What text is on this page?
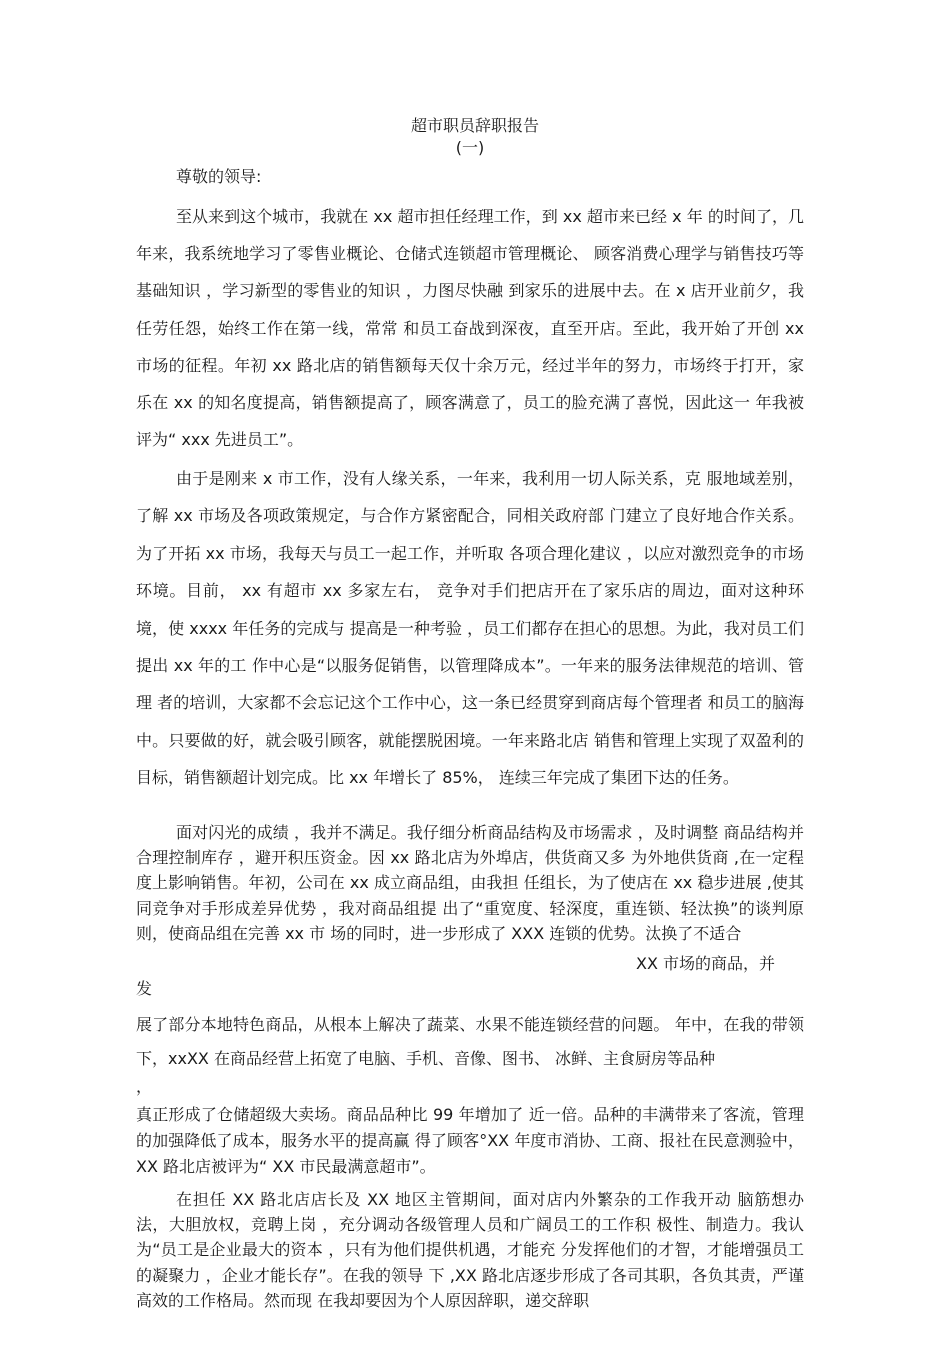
超市职员辞职报告
(一)
尊敬的领导:

至从来到这个城市，我就在 xx 超市担任经理工作，到 xx 超市来已经 x 年 的时间了，几年来，我系统地学习了零售业概论、仓储式连锁超市管理概论、 顾客消费心理学与销售技巧等基础知识 ，学习新型的零售业的知识 ，力图尽快融 到家乐的进展中去。在 x 店开业前夕，我任劳任怨，始终工作在第一线，常常 和员工奋战到深夜，直至开店。至此，我开始了开创 xx 市场的征程。年初 xx 路北店的销售额每天仅十余万元，经过半年的努力，市场终于打开，家乐在 xx 的知名度提高，销售额提高了，顾客满意了，员工的脸充满了喜悦，因此这一 年我被评为“ xxx 先进员工”。

由于是刚来 x 市工作，没有人缘关系，一年来，我利用一切人际关系，克 服地域差别，了解 xx 市场及各项政策规定，与合作方紧密配合，同相关政府部 门建立了良好地合作关系。为了开拓 xx 市场，我每天与员工一起工作，并听取 各项合理化建议 ，以应对激烈竞争的市场环境。目前， xx 有超市 xx 多家左右， 竞争对手们把店开在了家乐店的周边，面对这种环境，使 xxxx 年任务的完成与 提高是一种考验 ，员工们都存在担心的思想。为此，我对员工们提出 xx 年的工 作中心是“以服务促销售，以管理降成本”。一年来的服务法律规范的培训、管理 者的培训，大家都不会忘记这个工作中心，这一条已经贯穿到商店每个管理者 和员工的脑海中。只要做的好，就会吸引顾客，就能摆脱困境。一年来路北店 销售和管理上实现了双盈利的目标，销售额超计划完成。比 xx 年增长了 85%， 连续三年完成了集团下达的任务。

面对闪光的成绩 ，我并不满足。我仔细分析商品结构及市场需求 ，及时调整 商品结构并合理控制库存 ，避开积压资金。因 xx 路北店为外埠店，供货商又多 为外地供货商 ,在一定程度上影响销售。年初，公司在 xx 成立商品组，由我担 任组长，为了使店在 xx 稳步进展 ,使其同竞争对手形成差异优势 ，我对商品组提 出了“重宽度、轻深度，重连锁、轻汰换”的谈判原则，使商品组在完善 xx 市 场的同时，进一步形成了 XXX 连锁的优势。汰换了不适合

XX 市场的商品，并
发

展了部分本地特色商品，从根本上解决了蔬菜、水果不能连锁经营的问题。 年中，在我的带领下，xxXX 在商品经营上拓宽了电脑、手机、音像、图书、 冰鲜、主食厨房等品种

，

真正形成了仓储超级大卖场。商品品种比 99 年增加了 近一倍。品种的丰满带来了客流，管理的加强降低了成本，服务水平的提高赢 得了顾客°XX 年度市消协、工商、报社在民意测验中， XX 路北店被评为“ XX 市民最满意超市”。

在担任 XX 路北店店长及 XX 地区主管期间，面对店内外繁杂的工作我开动 脑筋想办法，大胆放权，竞聘上岗 ，充分调动各级管理人员和广阔员工的工作积 极性、制造力。我认为“员工是企业最大的资本 ，只有为他们提供机遇，才能充 分发挥他们的才智，才能增强员工的凝聚力 ，企业才能长存”。在我的领导 下 ,XX 路北店逐步形成了各司其职，各负其责，严谨高效的工作格局。然而现 在我却要因为个人原因辞职，递交辞职
